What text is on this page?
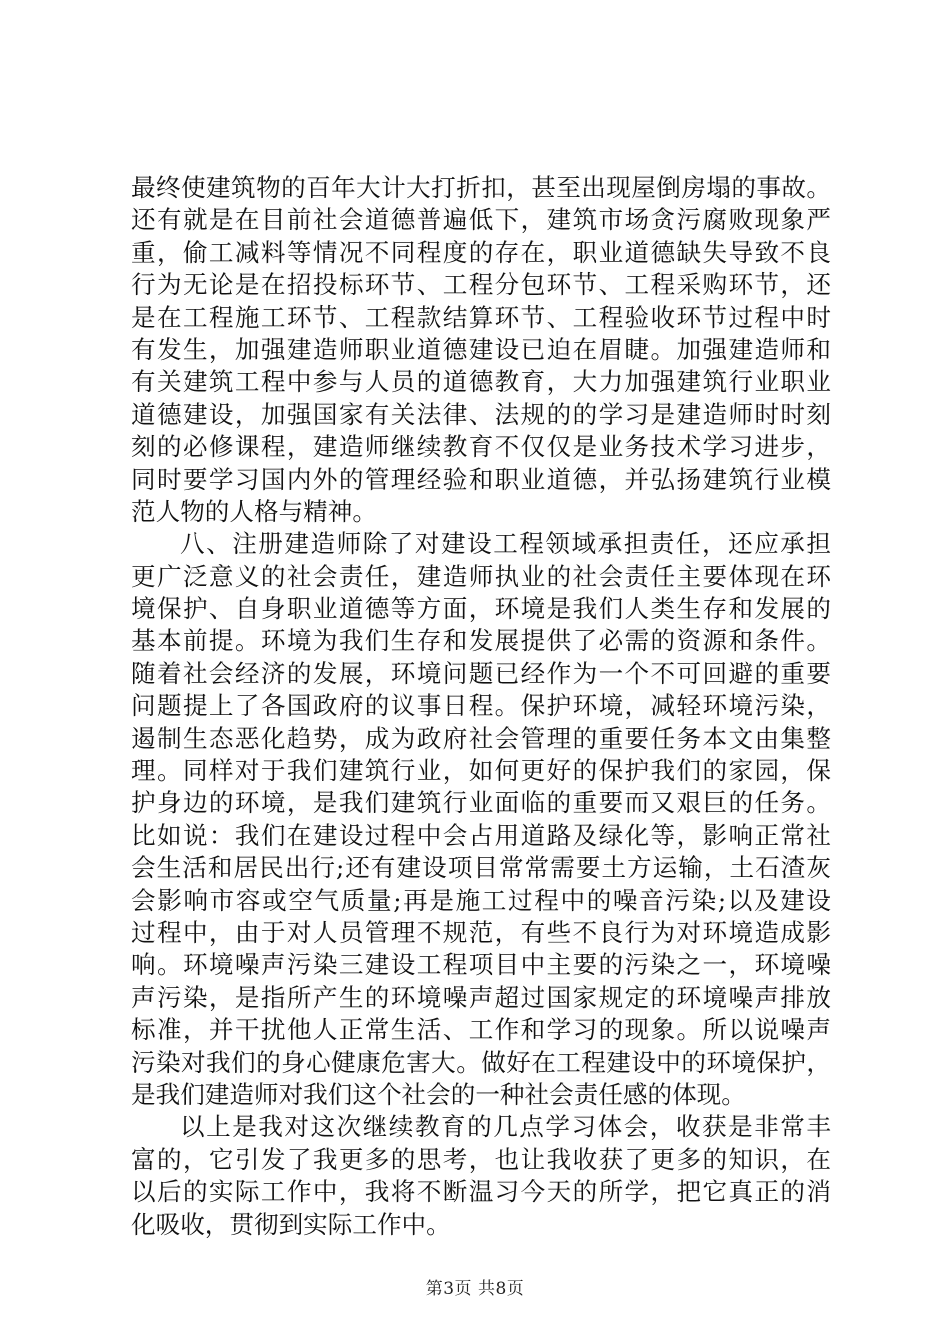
最终使建筑物的百年大计大打折扣，甚至出现屋倒房塌的事故。
还有就是在目前社会道德普遍低下，建筑市场贪污腐败现象严
重，偷工减料等情况不同程度的存在，职业道德缺失导致不良
行为无论是在招投标环节、工程分包环节、工程采购环节，还
是在工程施工环节、工程款结算环节、工程验收环节过程中时
有发生，加强建造师职业道德建设已迫在眉睫。加强建造师和
有关建筑工程中参与人员的道德教育，大力加强建筑行业职业
道德建设，加强国家有关法律、法规的的学习是建造师时时刻
刻的必修课程，建造师继续教育不仅仅是业务技术学习进步，
同时要学习国内外的管理经验和职业道德，并弘扬建筑行业模
范人物的人格与精神。
八、注册建造师除了对建设工程领域承担责任，还应承担
更广泛意义的社会责任，建造师执业的社会责任主要体现在环
境保护、自身职业道德等方面，环境是我们人类生存和发展的
基本前提。环境为我们生存和发展提供了必需的资源和条件。
随着社会经济的发展，环境问题已经作为一个不可回避的重要
问题提上了各国政府的议事日程。保护环境，减轻环境污染，
遏制生态恶化趋势，成为政府社会管理的重要任务本文由集整
理。同样对于我们建筑行业，如何更好的保护我们的家园，保
护身边的环境，是我们建筑行业面临的重要而又艰巨的任务。
比如说：我们在建设过程中会占用道路及绿化等，影响正常社
会生活和居民出行;还有建设项目常常需要土方运输，土石渣灰
会影响市容或空气质量;再是施工过程中的噪音污染;以及建设
过程中，由于对人员管理不规范，有些不良行为对环境造成影
响。环境噪声污染三建设工程项目中主要的污染之一，环境噪
声污染，是指所产生的环境噪声超过国家规定的环境噪声排放
标准，并干扰他人正常生活、工作和学习的现象。所以说噪声
污染对我们的身心健康危害大。做好在工程建设中的环境保护，
是我们建造师对我们这个社会的一种社会责任感的体现。
以上是我对这次继续教育的几点学习体会，收获是非常丰
富的，它引发了我更多的思考，也让我收获了更多的知识，在
以后的实际工作中，我将不断温习今天的所学，把它真正的消
化吸收，贯彻到实际工作中。
第3页 共8页
